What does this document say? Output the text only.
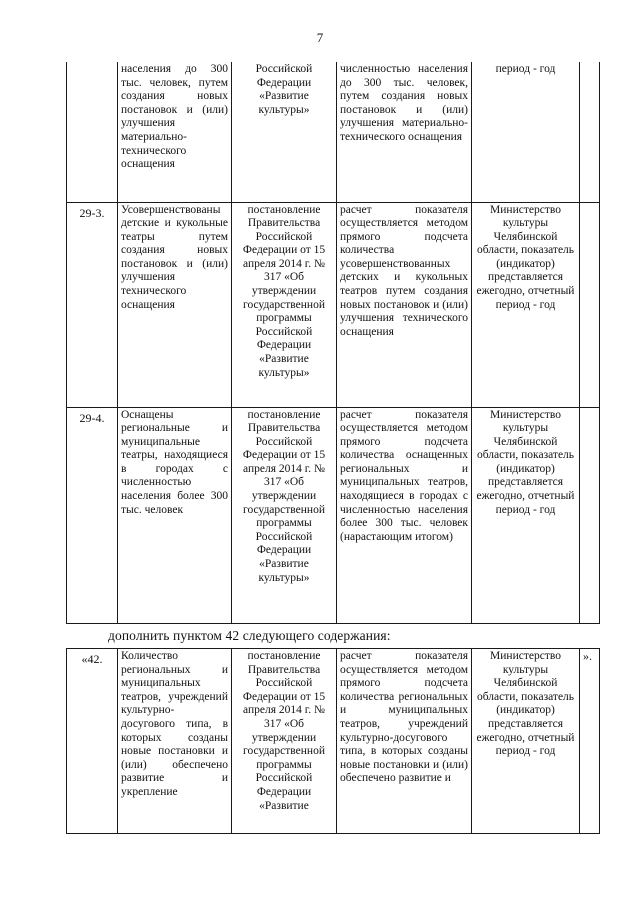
7
	населения до 300 тыс. человек, путем создания новых постановок и (или) улучшения материально-технического оснащения	Российской Федерации «Развитие культуры»	численностью населения до 300 тыс. человек, путем создания новых постановок и (или) улучшения материально-технического оснащения	период - год	
29-3.	Усовершенствованы детские и кукольные театры путем создания новых постановок и (или) улучшения технического оснащения	постановление Правительства Российской Федерации от 15 апреля 2014 г. № 317 «Об утверждении государственной программы Российской Федерации «Развитие культуры»	расчет показателя осуществляется методом прямого подсчета количества усовершенствованных детских и кукольных театров путем создания новых постановок и (или) улучшения технического оснащения	Министерство культуры Челябинской области, показатель (индикатор) представляется ежегодно, отчетный период - год	
29-4.	Оснащены региональные и муниципальные театры, находящиеся в городах с численностью населения более 300 тыс. человек	постановление Правительства Российской Федерации от 15 апреля 2014 г. № 317 «Об утверждении государственной программы Российской Федерации «Развитие культуры»	расчет показателя осуществляется методом прямого подсчета количества оснащенных региональных и муниципальных театров, находящиеся в городах с численностью населения более 300 тыс. человек (нарастающим итогом)	Министерство культуры Челябинской области, показатель (индикатор) представляется ежегодно, отчетный период - год	
дополнить пунктом 42 следующего содержания:
«42.	Количество региональных и муниципальных театров, учреждений культурно-досугового типа, в которых созданы новые постановки и (или) обеспечено развитие и укрепление	постановление Правительства Российской Федерации от 15 апреля 2014 г. № 317 «Об утверждении государственной программы Российской Федерации «Развитие	расчет показателя осуществляется методом прямого подсчета количества региональных и муниципальных театров, учреждений культурно-досугового типа, в которых созданы новые постановки и (или) обеспечено развитие и	Министерство культуры Челябинской области, показатель (индикатор) представляется ежегодно, отчетный период - год	».
